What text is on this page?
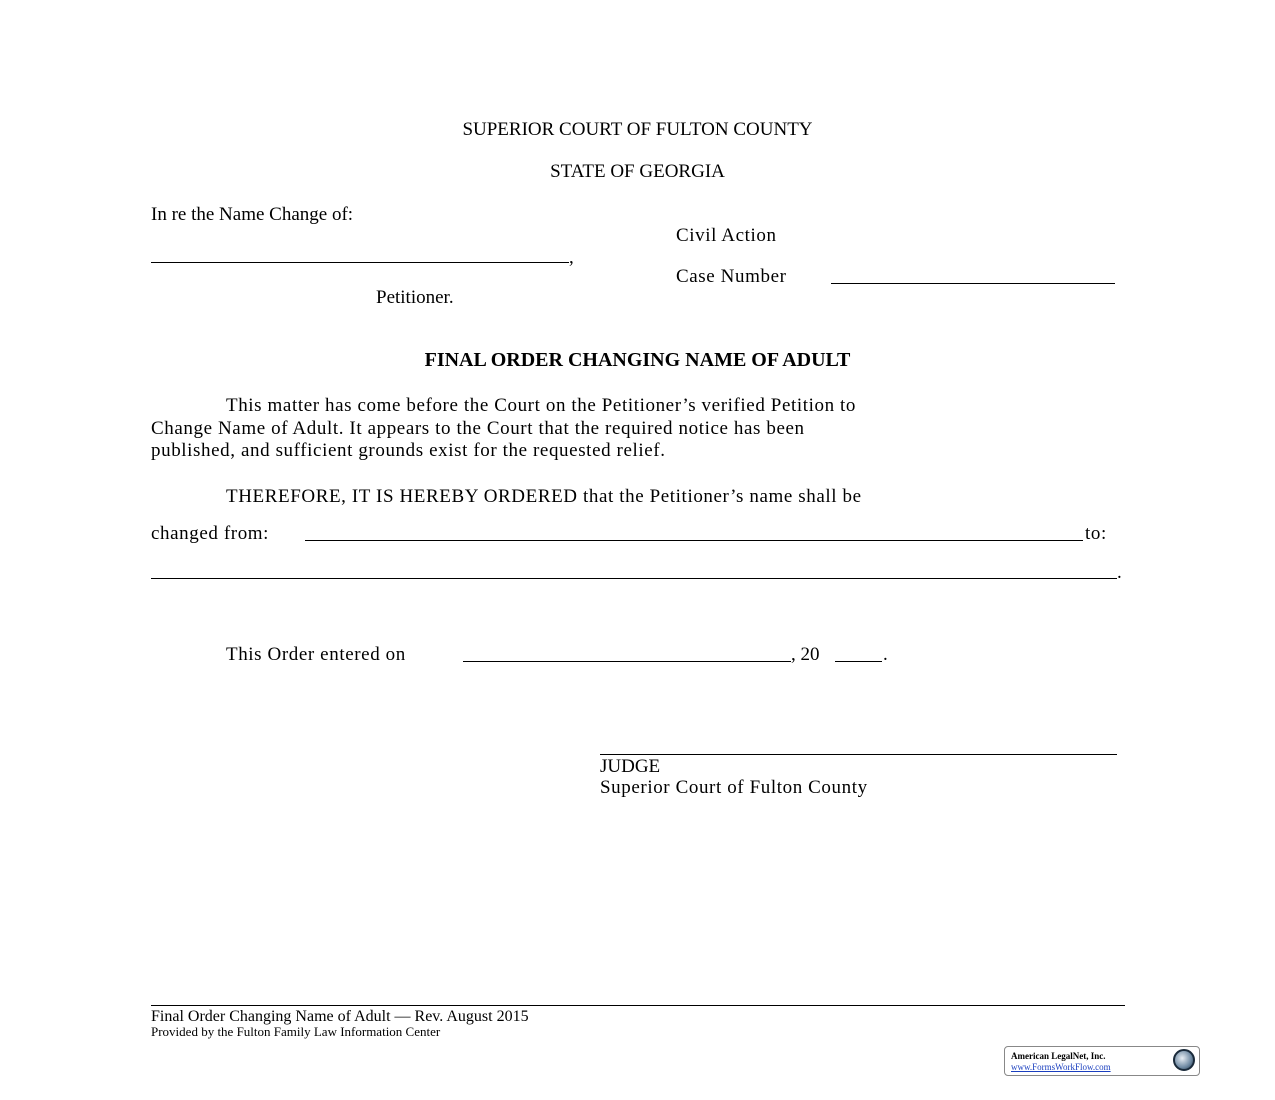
SUPERIOR COURT OF FULTON COUNTY
STATE OF GEORGIA
In re the Name Change of:
,
Petitioner.
Civil Action
Case Number
FINAL ORDER CHANGING NAME OF ADULT
This matter has come before the Court on the Petitioner’s verified Petition to
Change Name of Adult. It appears to the Court that the required notice has been
published, and sufficient grounds exist for the requested relief.
THEREFORE, IT IS HEREBY ORDERED that the Petitioner’s name shall be
changed from:	to:
.
This Order entered on	, 20	.
JUDGE
Superior Court of Fulton County
Final Order Changing Name of Adult — Rev. August 2015
Provided by the Fulton Family Law Information Center
American LegalNet, Inc.
www.FormsWorkFlow.com
